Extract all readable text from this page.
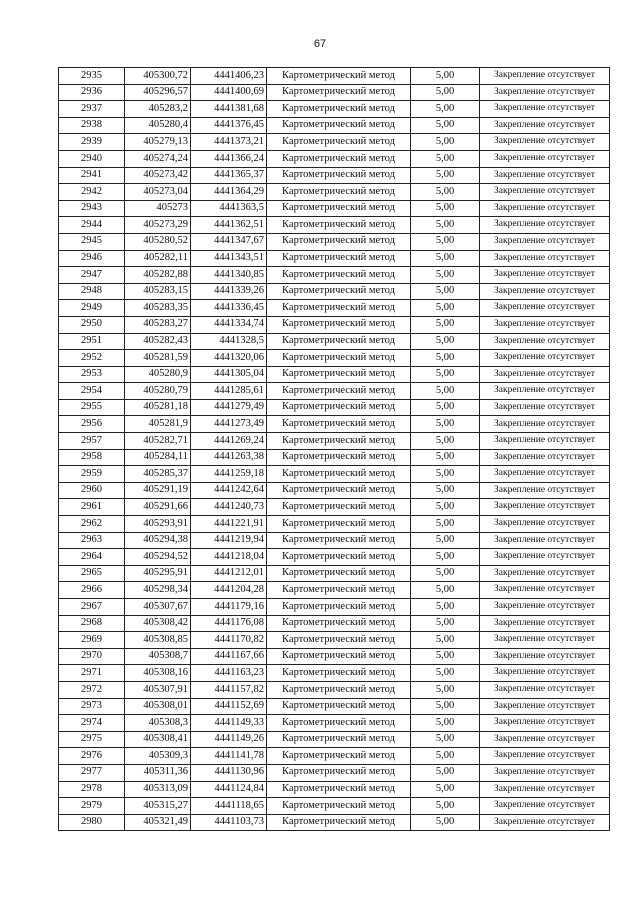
67
2935	405300,72	4441406,23	Картометрический метод	5,00	Закрепление отсутствует
2936	405296,57	4441400,69	Картометрический метод	5,00	Закрепление отсутствует
2937	405283,2	4441381,68	Картометрический метод	5,00	Закрепление отсутствует
2938	405280,4	4441376,45	Картометрический метод	5,00	Закрепление отсутствует
2939	405279,13	4441373,21	Картометрический метод	5,00	Закрепление отсутствует
2940	405274,24	4441366,24	Картометрический метод	5,00	Закрепление отсутствует
2941	405273,42	4441365,37	Картометрический метод	5,00	Закрепление отсутствует
2942	405273,04	4441364,29	Картометрический метод	5,00	Закрепление отсутствует
2943	405273	4441363,5	Картометрический метод	5,00	Закрепление отсутствует
2944	405273,29	4441362,51	Картометрический метод	5,00	Закрепление отсутствует
2945	405280,52	4441347,67	Картометрический метод	5,00	Закрепление отсутствует
2946	405282,11	4441343,51	Картометрический метод	5,00	Закрепление отсутствует
2947	405282,88	4441340,85	Картометрический метод	5,00	Закрепление отсутствует
2948	405283,15	4441339,26	Картометрический метод	5,00	Закрепление отсутствует
2949	405283,35	4441336,45	Картометрический метод	5,00	Закрепление отсутствует
2950	405283,27	4441334,74	Картометрический метод	5,00	Закрепление отсутствует
2951	405282,43	4441328,5	Картометрический метод	5,00	Закрепление отсутствует
2952	405281,59	4441320,06	Картометрический метод	5,00	Закрепление отсутствует
2953	405280,9	4441305,04	Картометрический метод	5,00	Закрепление отсутствует
2954	405280,79	4441285,61	Картометрический метод	5,00	Закрепление отсутствует
2955	405281,18	4441279,49	Картометрический метод	5,00	Закрепление отсутствует
2956	405281,9	4441273,49	Картометрический метод	5,00	Закрепление отсутствует
2957	405282,71	4441269,24	Картометрический метод	5,00	Закрепление отсутствует
2958	405284,11	4441263,38	Картометрический метод	5,00	Закрепление отсутствует
2959	405285,37	4441259,18	Картометрический метод	5,00	Закрепление отсутствует
2960	405291,19	4441242,64	Картометрический метод	5,00	Закрепление отсутствует
2961	405291,66	4441240,73	Картометрический метод	5,00	Закрепление отсутствует
2962	405293,91	4441221,91	Картометрический метод	5,00	Закрепление отсутствует
2963	405294,38	4441219,94	Картометрический метод	5,00	Закрепление отсутствует
2964	405294,52	4441218,04	Картометрический метод	5,00	Закрепление отсутствует
2965	405295,91	4441212,01	Картометрический метод	5,00	Закрепление отсутствует
2966	405298,34	4441204,28	Картометрический метод	5,00	Закрепление отсутствует
2967	405307,67	4441179,16	Картометрический метод	5,00	Закрепление отсутствует
2968	405308,42	4441176,08	Картометрический метод	5,00	Закрепление отсутствует
2969	405308,85	4441170,82	Картометрический метод	5,00	Закрепление отсутствует
2970	405308,7	4441167,66	Картометрический метод	5,00	Закрепление отсутствует
2971	405308,16	4441163,23	Картометрический метод	5,00	Закрепление отсутствует
2972	405307,91	4441157,82	Картометрический метод	5,00	Закрепление отсутствует
2973	405308,01	4441152,69	Картометрический метод	5,00	Закрепление отсутствует
2974	405308,3	4441149,33	Картометрический метод	5,00	Закрепление отсутствует
2975	405308,41	4441149,26	Картометрический метод	5,00	Закрепление отсутствует
2976	405309,3	4441141,78	Картометрический метод	5,00	Закрепление отсутствует
2977	405311,36	4441130,96	Картометрический метод	5,00	Закрепление отсутствует
2978	405313,09	4441124,84	Картометрический метод	5,00	Закрепление отсутствует
2979	405315,27	4441118,65	Картометрический метод	5,00	Закрепление отсутствует
2980	405321,49	4441103,73	Картометрический метод	5,00	Закрепление отсутствует
